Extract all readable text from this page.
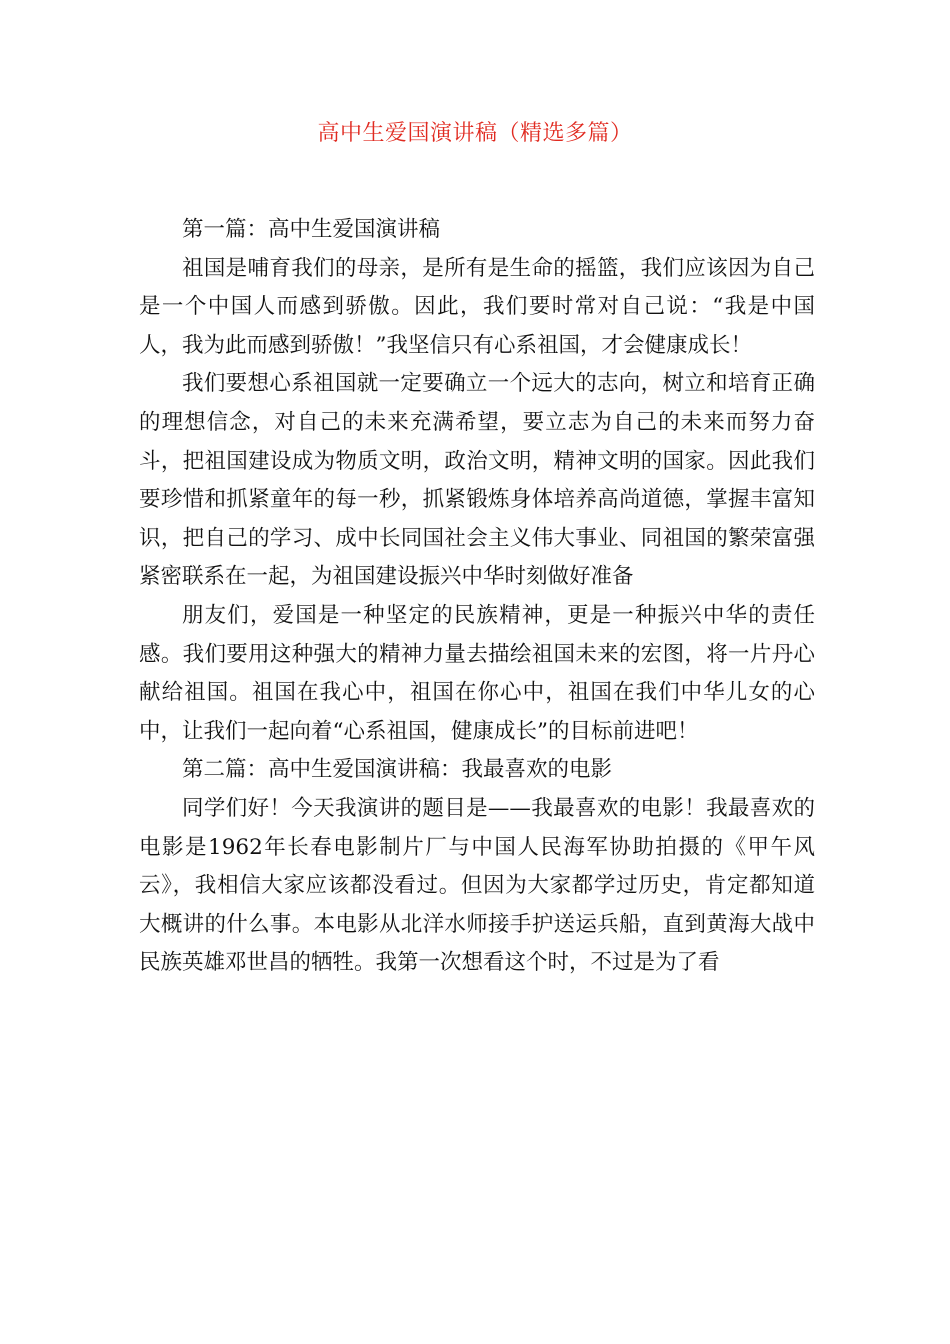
高中生爱国演讲稿（精选多篇）

第一篇：高中生爱国演讲稿

祖国是哺育我们的母亲，是所有是生命的摇篮，我们应该因为自己是一个中国人而感到骄傲。因此，我们要时常对自己说：“我是中国人，我为此而感到骄傲！”我坚信只有心系祖国，才会健康成长！

我们要想心系祖国就一定要确立一个远大的志向，树立和培育正确的理想信念，对自己的未来充满希望，要立志为自己的未来而努力奋斗，把祖国建设成为物质文明，政治文明，精神文明的国家。因此我们要珍惜和抓紧童年的每一秒，抓紧锻炼身体培养高尚道德，掌握丰富知识，把自己的学习、成中长同国社会主义伟大事业、同祖国的繁荣富强紧密联系在一起，为祖国建设振兴中华时刻做好准备

朋友们，爱国是一种坚定的民族精神，更是一种振兴中华的责任感。我们要用这种强大的精神力量去描绘祖国未来的宏图，将一片丹心献给祖国。祖国在我心中，祖国在你心中，祖国在我们中华儿女的心中，让我们一起向着“心系祖国，健康成长”的目标前进吧！

第二篇：高中生爱国演讲稿：我最喜欢的电影

同学们好！今天我演讲的题目是——我最喜欢的电影！我最喜欢的电影是1962年长春电影制片厂与中国人民海军协助拍摄的《甲午风云》，我相信大家应该都没看过。但因为大家都学过历史，肯定都知道大概讲的什么事。本电影从北洋水师接手护送运兵船，直到黄海大战中民族英雄邓世昌的牺牲。我第一次想看这个时，不过是为了看
